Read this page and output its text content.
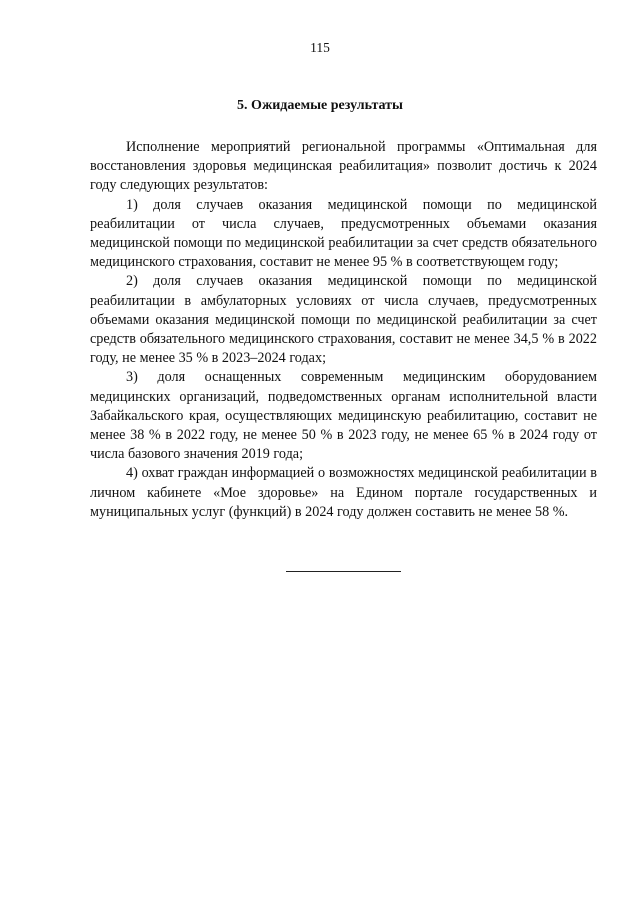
115
5. Ожидаемые результаты

Исполнение мероприятий региональной программы «Оптимальная для восстановления здоровья медицинская реабилитация» позволит достичь к 2024 году следующих результатов:

1) доля случаев оказания медицинской помощи по медицинской реабилитации от числа случаев, предусмотренных объемами оказания медицинской помощи по медицинской реабилитации за счет средств обязательного медицинского страхования, составит не менее 95 % в соответствующем году;

2) доля случаев оказания медицинской помощи по медицинской реабилитации в амбулаторных условиях от числа случаев, предусмотренных объемами оказания медицинской помощи по медицинской реабилитации за счет средств обязательного медицинского страхования, составит не менее 34,5 % в 2022 году, не менее 35 % в 2023–2024 годах;

3) доля оснащенных современным медицинским оборудованием медицинских организаций, подведомственных органам исполнительной власти Забайкальского края, осуществляющих медицинскую реабилитацию, составит не менее 38 % в 2022 году, не менее 50 % в 2023 году, не менее 65 % в 2024 году от числа базового значения 2019 года;

4) охват граждан информацией о возможностях медицинской реабилитации в личном кабинете «Мое здоровье» на Едином портале государственных и муниципальных услуг (функций) в 2024 году должен составить не менее 58 %.
